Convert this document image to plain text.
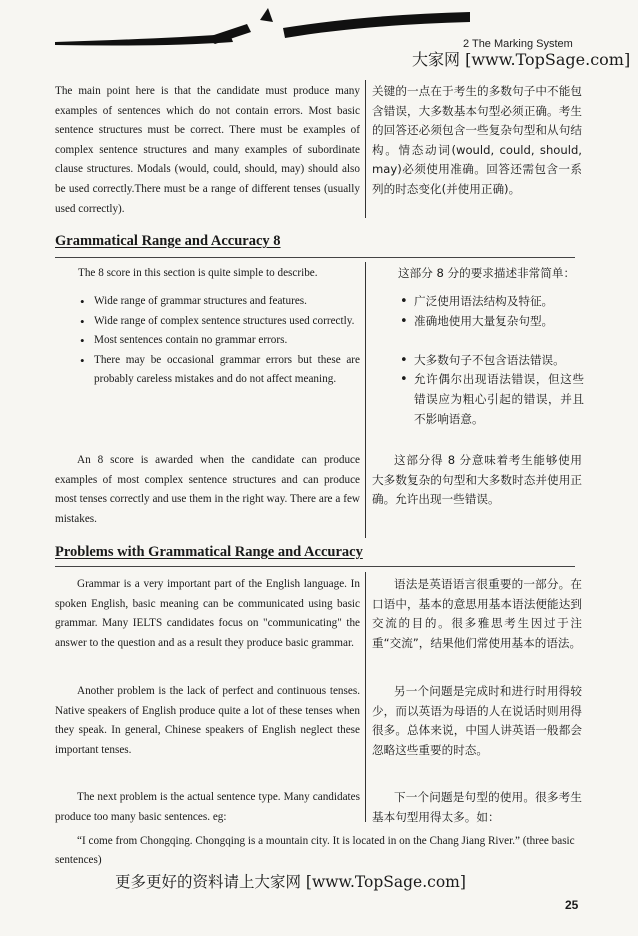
2 The Marking System
大家网 [www.TopSage.com]

The main point here is that the candidate must produce many examples of sentences which do not contain errors. Most basic sentence structures must be correct. There must be examples of complex sentence structures and many examples of subordinate clause structures. Modals (would, could, should, may) should also be used correctly.There must be a range of different tenses (usually used correctly).

关键的一点在于考生的多数句子中不能包含错误，大多数基本句型必须正确。考生的回答还必须包含一些复杂句型和从句结构。情态动词(would, could, should, may)必须使用准确。回答还需包含一系列的时态变化(并使用正确)。

Grammatical Range and Accuracy 8

The 8 score in this section is quite simple to describe.

• Wide range of grammar structures and features.
• Wide range of complex sentence structures used correctly.
• Most sentences contain no grammar errors.
• There may be occasional grammar errors but these are probably careless mistakes and do not affect meaning.

An 8 score is awarded when the candidate can produce examples of most complex sentence structures and can produce most tenses correctly and use them in the right way. There are a few mistakes.

这部分 8 分的要求描述非常简单：

• 广泛使用语法结构及特征。
• 准确地使用大量复杂句型。
• 大多数句子不包含语法错误。
• 允许偶尔出现语法错误，但这些错误应为粗心引起的错误，并且不影响语意。

这部分得 8 分意味着考生能够使用大多数复杂的句型和大多数时态并使用正确。允许出现一些错误。

Problems with Grammatical Range and Accuracy

Grammar is a very important part of the English language. In spoken English, basic meaning can be communicated using basic grammar. Many IELTS candidates focus on "communicating" the answer to the question and as a result they produce basic grammar.

Another problem is the lack of perfect and continuous tenses. Native speakers of English produce quite a lot of these tenses when they speak. In general, Chinese speakers of English neglect these important tenses.

The next problem is the actual sentence type. Many candidates produce too many basic sentences. eg:

语法是英语语言很重要的一部分。在口语中，基本的意思用基本语法便能达到交流的目的。很多雅思考生因过于注重“交流”，结果他们常使用基本的语法。

另一个问题是完成时和进行时用得较少，而以英语为母语的人在说话时则用得很多。总体来说，中国人讲英语一般都会忽略这些重要的时态。

下一个问题是句型的使用。很多考生基本句型用得太多。如：

“I come from Chongqing. Chongqing is a mountain city. It is located in on the Chang Jiang River.” (three basic sentences)

更多更好的资料请上大家网 [www.TopSage.com]
25
